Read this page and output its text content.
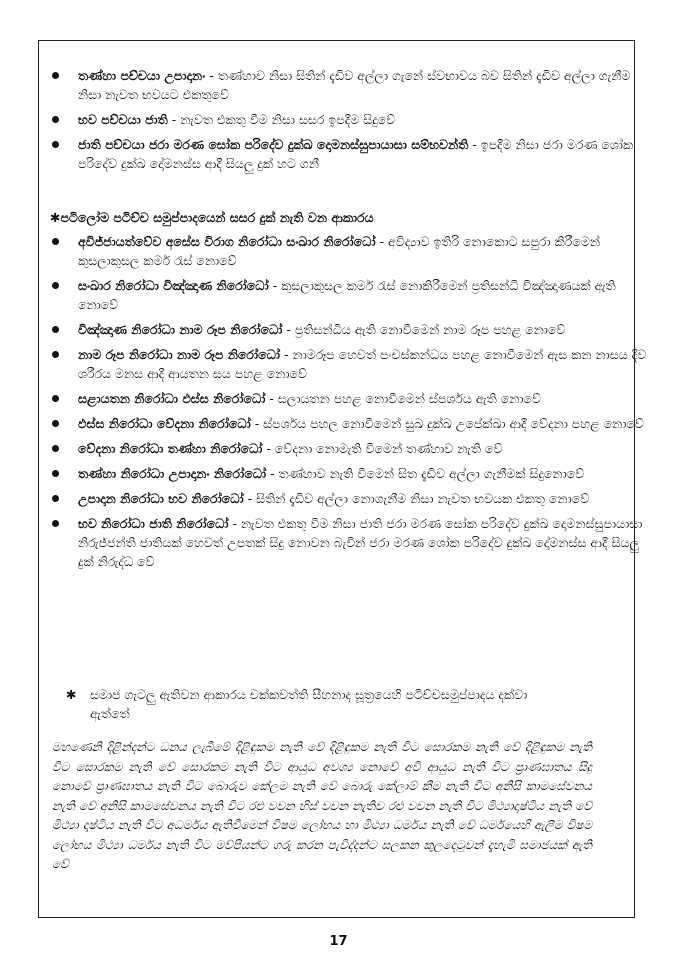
තණ්හා පච්චයා උපාදානං - තණ්හාව නිසා සිතින් දැඩිව අල්ලා ගැනේ ස්වභාවය බව සිතින් දැඩිව අල්ලා ගැනීම නිසා නැවත භවයට එකතුවේ
භව පච්චයා ජාති - නැවත එකතු වීම නිසා සසර ඉපදීම සිදුවේ
ජාති පච්චයා ජරා මරණ සෝක පරිදේව දුක්ඛ දොමනස්සුපායාසා සම්භවන්ති - ඉපදීම නිසා ජරා මරණ ශෝක පරිදේව දුක්ඛ දෝමනස්ස ආදී සියලු දුක් හට ගනී
✱පටිලෝම පටිච්ච සමුප්පාදයෙන් සසර දුක් නැති වන ආකාරය
අවිජ්ජායත්වේව අසේස විරාග නිරෝධා සංඛාර නිරෝධෝ - අවිද්‍යාව ඉතිරි නොකොට සපුරා කිරීමෙන් කුසලාකුසල කර්ම රැස් නොවේ
සංඛාර නිරෝධා විඤ්ඤාණ නිරෝධෝ - කුසලාකුසල කර්ම රැස් නොකිරීමෙන් ප්‍රතිසන්ධි විඤ්ඤාණයක් ඇති නොවේ
විඤ්ඤාණ නිරෝධා නාම රූප නිරෝධෝ - ප්‍රතිසන්ධිය ඇති නොවීමෙන් නාම රූප පහළ නොවේ
නාම රූප නිරෝධා නාම රූප නිරෝධෝ - නාමරූප හෙවත් පංචස්කන්ධය පහළ නොවීමෙන් ඇස කන නාසය දිව ශරීරය මනස ආදී ආයතන සය පහළ නොවේ
සළායතන නිරෝධා ඵස්ස නිරෝධෝ - සලායතන පහළ නොවීමෙන් ස්පර්ශය ඇති නොවේ
ඵස්ස නිරෝධා වේදනා නිරෝධෝ - ස්පර්ශය පහල නොවීමෙන් සුඛ දුක්ඛ උපේක්ඛා ආදී වේදනා පහළ නොවේ
වේදනා නිරෝධා තණ්හා නිරෝධෝ - වේදනා නොමැති වීමෙන් තණ්හාව නැති වේ
තණ්හා නිරෝධා උපාදානං නිරෝධෝ - තණ්හාව නැති වීමෙන් සිත දැඩිව අල්ලා ගැනීමක් සිදුනොවේ
උපාදාන නිරෝධා භව නිරෝධෝ - සිතින් දැඩිව අල්ලා නොගැනීම නිසා නැවත භවයක එකතු නොවේ
භව නිරෝධා ජාති නිරෝධෝ - නැවත එකතු වීම නිසා ජාති ජරා මරණ සෝක පරිදේව දුක්ඛ දොමනස්සුපායාසා නිරුජ්ජන්ති ජාතියක් හෙවත් උපතක් සිදු නොවන බැවින් ජරා මරණ ශෝක පරිදේව දුක්ඛ දෝමනස්ස ආදී සියලු දුක් නිරුද්ධ වේ
✱ සමාජ ගැටලු ඇතිවන ආකාරය චක්කවත්ති සීහනාද සූත්‍රයෙහි පටිච්චසමුප්පාදය දක්වා ඇත්තේ
මහණෙනි දිළින්දන්ට ධනය ලැබීමේ දිළිඳුකම නැති වේ දිළිඳුකම නැති විට සොරකම නැති වේ දිළිඳුකම නැති විට සොරකම නැති වේ සොරකම නැති විට ආයුධ අවශ්‍ය නොවේ අවි ආයුධ නැති විට ප්‍රාණඝාතය සිදු නොවේ ප්‍රාණඝාතය නැති විට බොරුව කේලම නැති වේ බොරු කේලාම් කීම නැති විට අනිසි කාමසේවනය නැති වේ අනිසි කාමසේවනය නැති විට රළු වචන හිස් වචන නැතිව රළු වචන නැති විට මිථ්‍යාදෘෂ්ටිය නැති වේ මිථ්‍යා දෘෂ්ටිය නැති විට අධර්මය ඇතිවීමෙන් විෂම ලෝභය හා මිථ්‍යා ධර්මය නැති වේ ධර්මයෙහි ඇලීම විෂම ලෝභය මිථ්‍යා ධර්මය නැති විට මව්පියන්ට ගරු කරන පැවිද්දන්ට සලකන කුලදෙටුවන් දැහැමි සමාජයක් ඇති වේ
17
